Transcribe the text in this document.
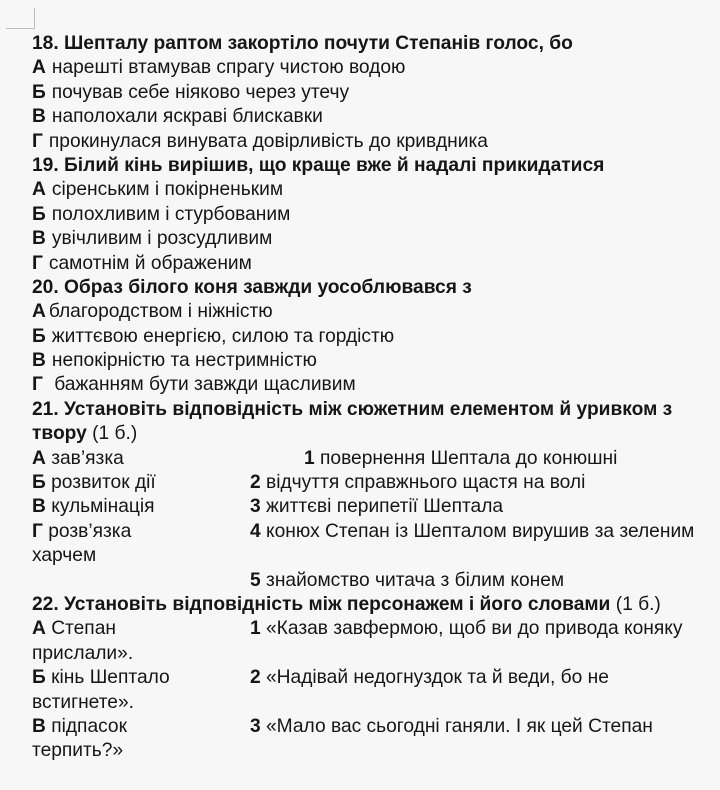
18. Шепталу раптом закортіло почути Степанів голос, бо
А нарешті втамував спрагу чистою водою
Б почував себе ніяково через утечу
В наполохали яскраві блискавки
Г прокинулася винувата довірливість до кривдника
19. Білий кінь вирішив, що краще вже й надалі прикидатися
А сіренським і покірненьким
Б полохливим і стурбованим
В увічливим і розсудливим
Г самотнім й ображеним
20. Образ білого коня завжди уособлювався з
А благородством і ніжністю
Б життєвою енергією, силою та гордістю
В непокірністю та нестримністю
Г бажанням бути завжди щасливим
21. Установіть відповідність між сюжетним елементом й уривком з
твору (1 б.)
А зав’язка	1 повернення Шептала до конюшні
Б розвиток дії	2 відчуття справжнього щастя на волі
В кульмінація	3 життєві перипетії Шептала
Г розв’язка	4 конюх Степан із Шепталом вирушив за зеленим
харчем
5 знайомство читача з білим конем
22. Установіть відповідність між персонажем і його словами (1 б.)
А Степан	1 «Казав завфермою, щоб ви до привода коняку
прислали».
Б кінь Шептало	2 «Надівай недогнуздок та й веди, бо не
встигнете».
В підпасок	3 «Мало вас сьогодні ганяли. І як цей Степан
терпить?»
